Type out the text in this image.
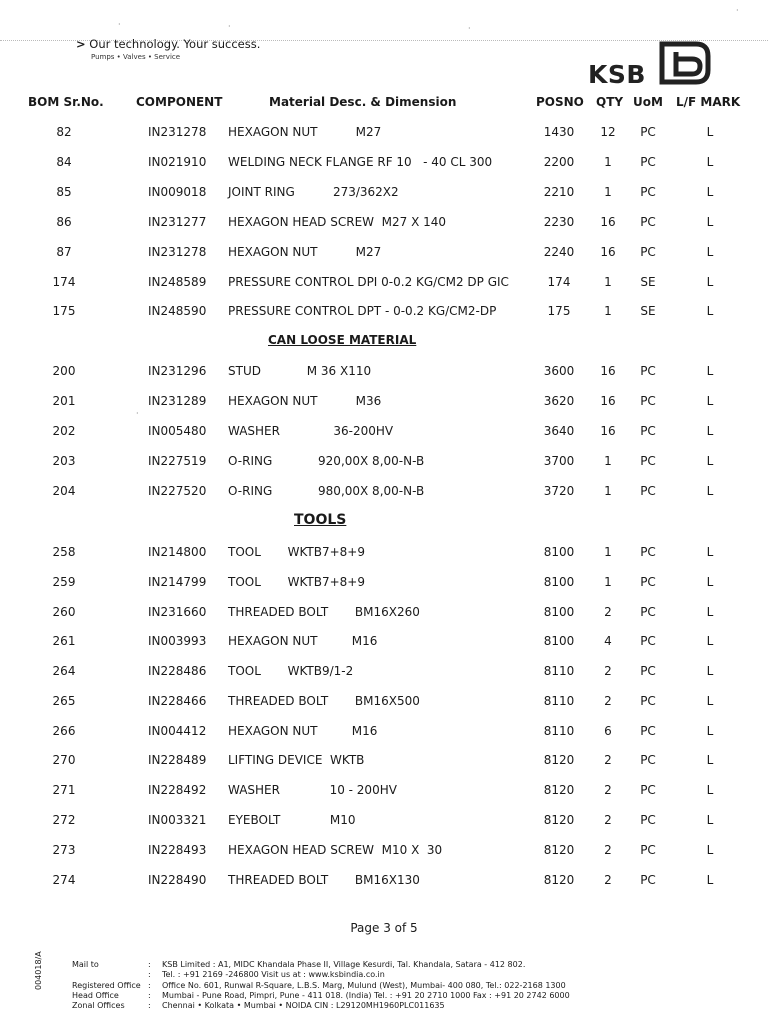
> Our technology. Your success.
Pumps • Valves • Service
KSB
BOM Sr.No.	COMPONENT	Material Desc. & Dimension	POSNO QTY UoM L/F MARK
82	IN231278 HEXAGON NUT          M27	1430	12	PC	L
84	IN021910 WELDING NECK FLANGE RF 10   - 40 CL 300	2200	1	PC	L
85	IN009018 JOINT RING          273/362X2	2210	1	PC	L
86	IN231277 HEXAGON HEAD SCREW  M27 X 140	2230	16	PC	L
87	IN231278 HEXAGON NUT          M27	2240	16	PC	L
174	IN248589 PRESSURE CONTROL DPI 0-0.2 KG/CM2 DP GIC	174	1	SE	L
175	IN248590 PRESSURE CONTROL DPT - 0-0.2 KG/CM2-DP	175	1	SE	L
200	IN231296 STUD            M 36 X110	3600	16	PC	L
201	IN231289 HEXAGON NUT          M36	3620	16	PC	L
202	IN005480 WASHER              36-200HV	3640	16	PC	L
203	IN227519 O-RING            920,00X 8,00-N-B	3700	1	PC	L
204	IN227520 O-RING            980,00X 8,00-N-B	3720	1	PC	L
258	IN214800 TOOL       WKTB7+8+9	8100	1	PC	L
259	IN214799 TOOL       WKTB7+8+9	8100	1	PC	L
260	IN231660 THREADED BOLT       BM16X260	8100	2	PC	L
261	IN003993 HEXAGON NUT         M16	8100	4	PC	L
264	IN228486 TOOL       WKTB9/1-2	8110	2	PC	L
265	IN228466 THREADED BOLT       BM16X500	8110	2	PC	L
266	IN004412 HEXAGON NUT         M16	8110	6	PC	L
270	IN228489 LIFTING DEVICE  WKTB	8120	2	PC	L
271	IN228492 WASHER             10 - 200HV	8120	2	PC	L
272	IN003321 EYEBOLT             M10	8120	2	PC	L
273	IN228493 HEXAGON HEAD SCREW  M10 X  30	8120	2	PC	L
274	IN228490 THREADED BOLT       BM16X130	8120	2	PC	L
CAN LOOSE MATERIAL
TOOLS
Page 3 of 5
Mail to	: KSB Limited : A1, MIDC Khandala Phase II, Village Kesurdi, Tal. Khandala, Satara - 412 802.
: Tel. : +91 2169 -246800 Visit us at : www.ksbindia.co.in
Registered Office : Office No. 601, Runwal R-Square, L.B.S. Marg, Mulund (West), Mumbai- 400 080, Tel.: 022-2168 1300
Head Office	: Mumbai - Pune Road, Pimpri, Pune - 411 018. (India) Tel. : +91 20 2710 1000 Fax : +91 20 2742 6000
Zonal Offices	: Chennai • Kolkata • Mumbai • NOIDA CIN : L29120MH1960PLC011635
004018/A
·	·	·
·
·
